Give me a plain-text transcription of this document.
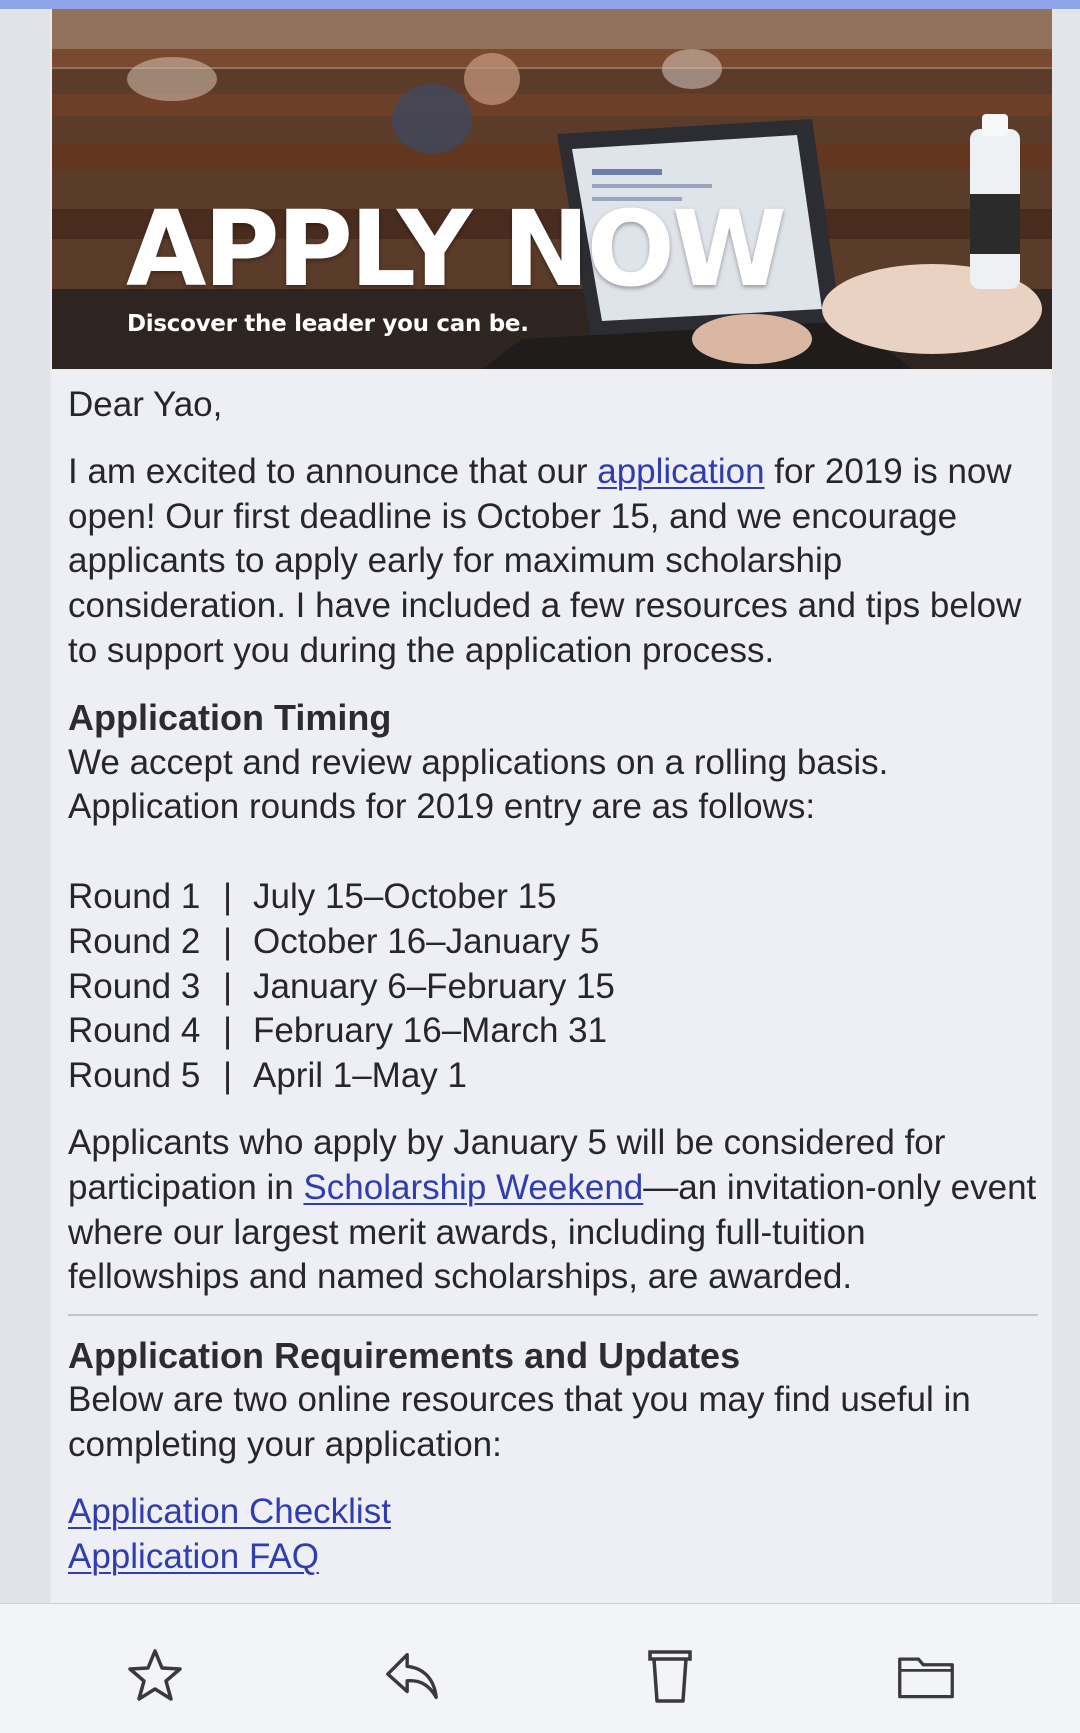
APPLY NOW
Discover the leader you can be.

Dear Yao,

I am excited to announce that our application for 2019 is now open! Our first deadline is October 15, and we encourage applicants to apply early for maximum scholarship consideration. I have included a few resources and tips below to support you during the application process.

Application Timing

We accept and review applications on a rolling basis. Application rounds for 2019 entry are as follows:

Round 1 | July 15–October 15
Round 2 | October 16–January 5
Round 3 | January 6–February 15
Round 4 | February 16–March 31
Round 5 | April 1–May 1

Applicants who apply by January 5 will be considered for participation in Scholarship Weekend—an invitation-only event where our largest merit awards, including full-tuition fellowships and named scholarships, are awarded.

Application Requirements and Updates

Below are two online resources that you may find useful in completing your application:

Application Checklist
Application FAQ
